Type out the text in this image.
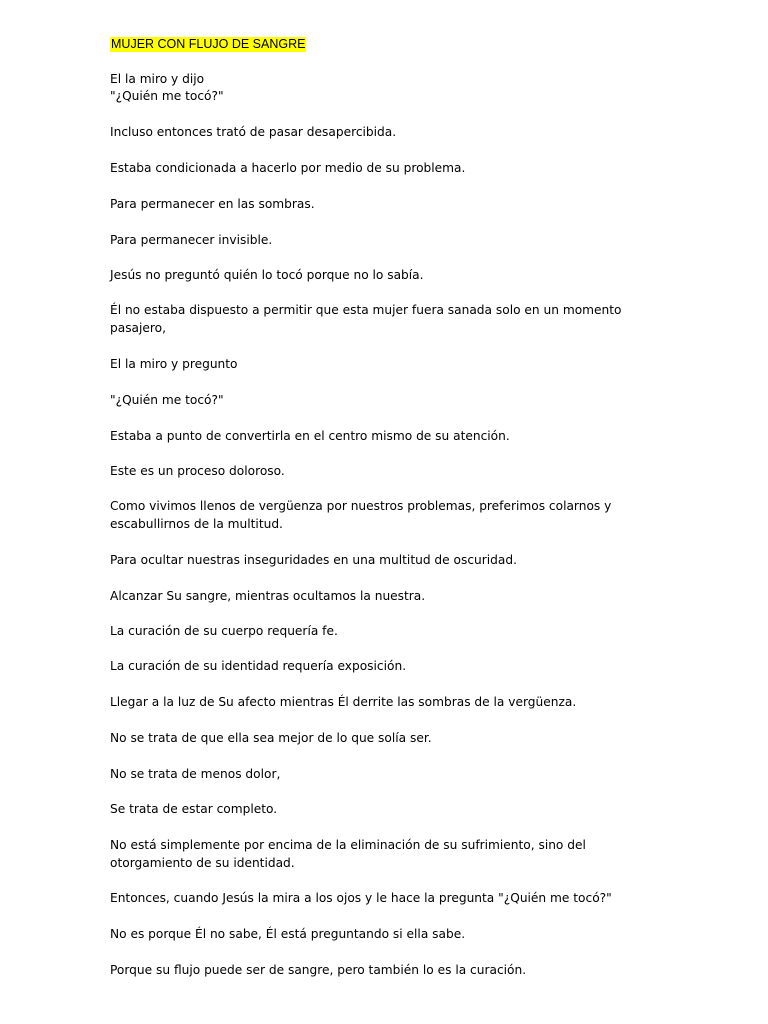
MUJER CON FLUJO DE SANGRE

El la miro y dijo

"¿Quién me tocó?"

Incluso entonces trató de pasar desapercibida.

Estaba condicionada a hacerlo por medio de su problema.

Para permanecer en las sombras.

Para permanecer invisible.

Jesús no preguntó quién lo tocó porque no lo sabía.

Él no estaba dispuesto a permitir que esta mujer fuera sanada solo en un momento pasajero,

El la miro y pregunto

"¿Quién me tocó?"

Estaba a punto de convertirla en el centro mismo de su atención.

Este es un proceso doloroso.

Como vivimos llenos de vergüenza por nuestros problemas, preferimos colarnos y escabullirnos de la multitud.

Para ocultar nuestras inseguridades en una multitud de oscuridad.

Alcanzar Su sangre, mientras ocultamos la nuestra.

La curación de su cuerpo requería fe.

La curación de su identidad requería exposición.

Llegar a la luz de Su afecto mientras Él derrite las sombras de la vergüenza.

No se trata de que ella sea mejor de lo que solía ser.

No se trata de menos dolor,

Se trata de estar completo.

No está simplemente por encima de la eliminación de su sufrimiento, sino del otorgamiento de su identidad.

Entonces, cuando Jesús la mira a los ojos y le hace la pregunta "¿Quién me tocó?"

No es porque Él no sabe, Él está preguntando si ella sabe.

Porque su flujo puede ser de sangre, pero también lo es la curación.
